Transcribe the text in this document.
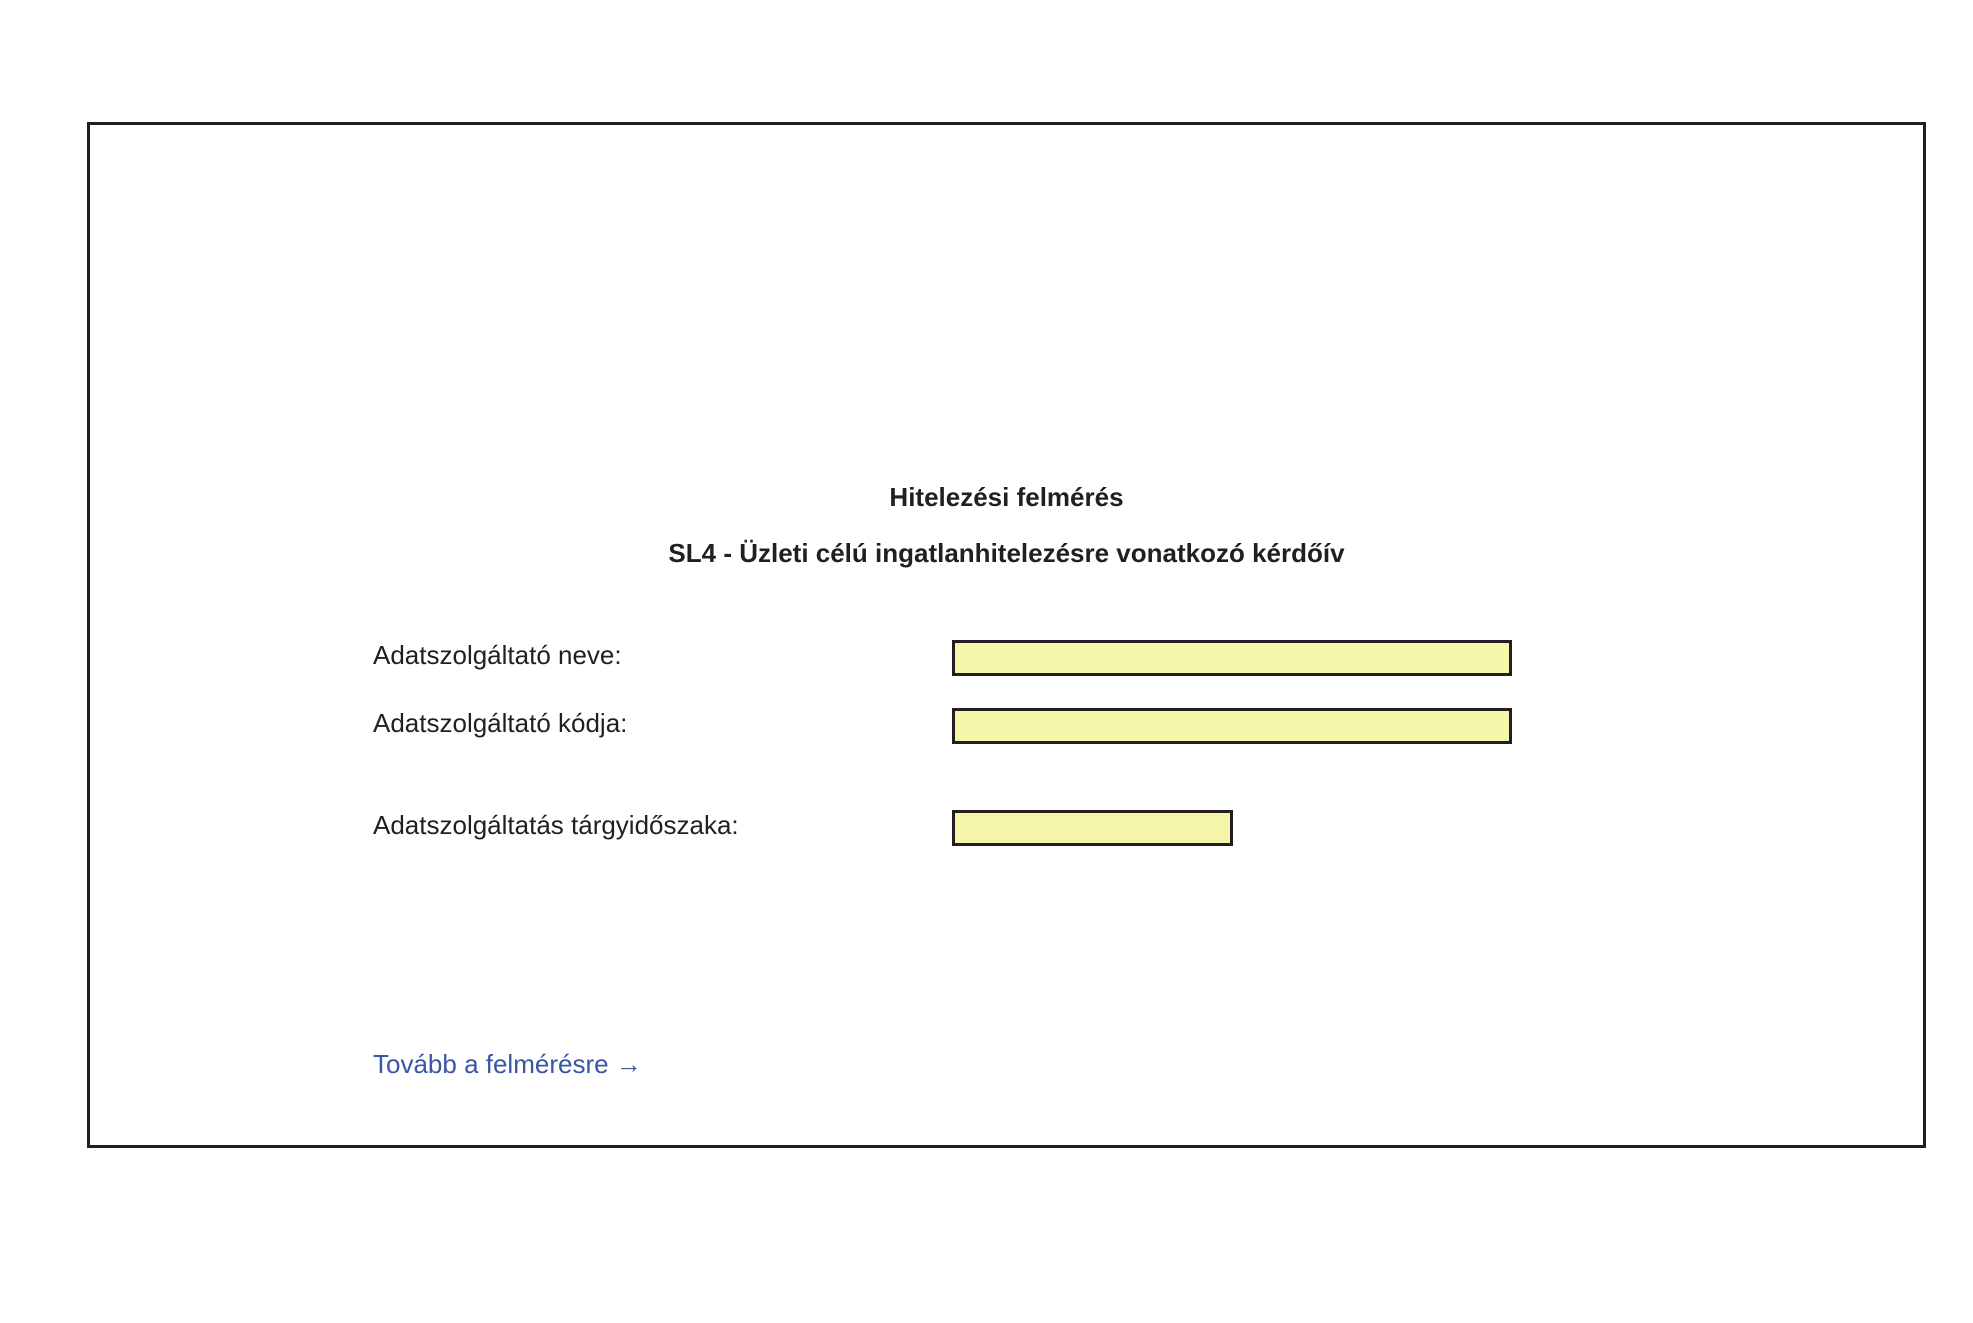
Hitelezési felmérés
SL4 - Üzleti célú ingatlanhitelezésre vonatkozó kérdőív
Adatszolgáltató neve:
Adatszolgáltató kódja:
Adatszolgáltatás tárgyidőszaka:
Tovább a felmérésre →
